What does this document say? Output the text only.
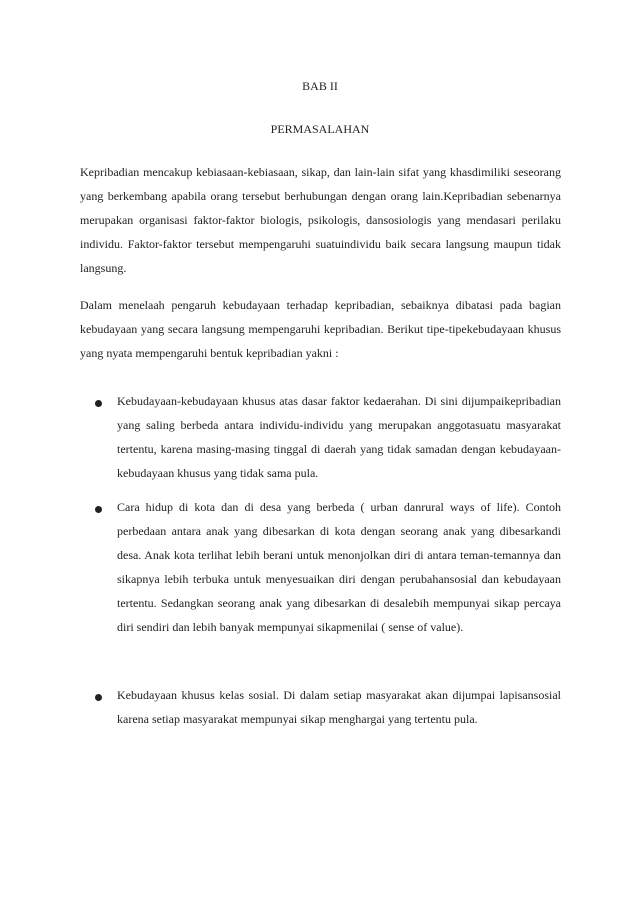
BAB II
PERMASALAHAN

Kepribadian mencakup kebiasaan-kebiasaan, sikap, dan lain-lain sifat yang khasdimiliki seseorang yang berkembang apabila orang tersebut berhubungan dengan orang lain.Kepribadian sebenarnya merupakan organisasi faktor-faktor biologis, psikologis, dansosiologis yang mendasari perilaku individu. Faktor-faktor tersebut mempengaruhi suatuindividu baik secara langsung maupun tidak langsung.

Dalam menelaah pengaruh kebudayaan terhadap kepribadian, sebaiknya dibatasi pada bagian kebudayaan yang secara langsung mempengaruhi kepribadian. Berikut tipe-tipekebudayaan khusus yang nyata mempengaruhi bentuk kepribadian yakni :

Kebudayaan-kebudayaan khusus atas dasar faktor kedaerahan. Di sini dijumpaikepribadian yang saling berbeda antara individu-individu yang merupakan anggotasuatu masyarakat tertentu, karena masing-masing tinggal di daerah yang tidak samadan dengan kebudayaan-kebudayaan khusus yang tidak sama pula.

Cara hidup di kota dan di desa yang berbeda ( urban danrural ways of life). Contoh perbedaan antara anak yang dibesarkan di kota dengan seorang anak yang dibesarkandi desa. Anak kota terlihat lebih berani untuk menonjolkan diri di antara teman-temannya dan sikapnya lebih terbuka untuk menyesuaikan diri dengan perubahansosial dan kebudayaan tertentu. Sedangkan seorang anak yang dibesarkan di desalebih mempunyai sikap percaya diri sendiri dan lebih banyak mempunyai sikapmenilai ( sense of value).

Kebudayaan khusus kelas sosial. Di dalam setiap masyarakat akan dijumpai lapisansosial karena setiap masyarakat mempunyai sikap menghargai yang tertentu pula.
